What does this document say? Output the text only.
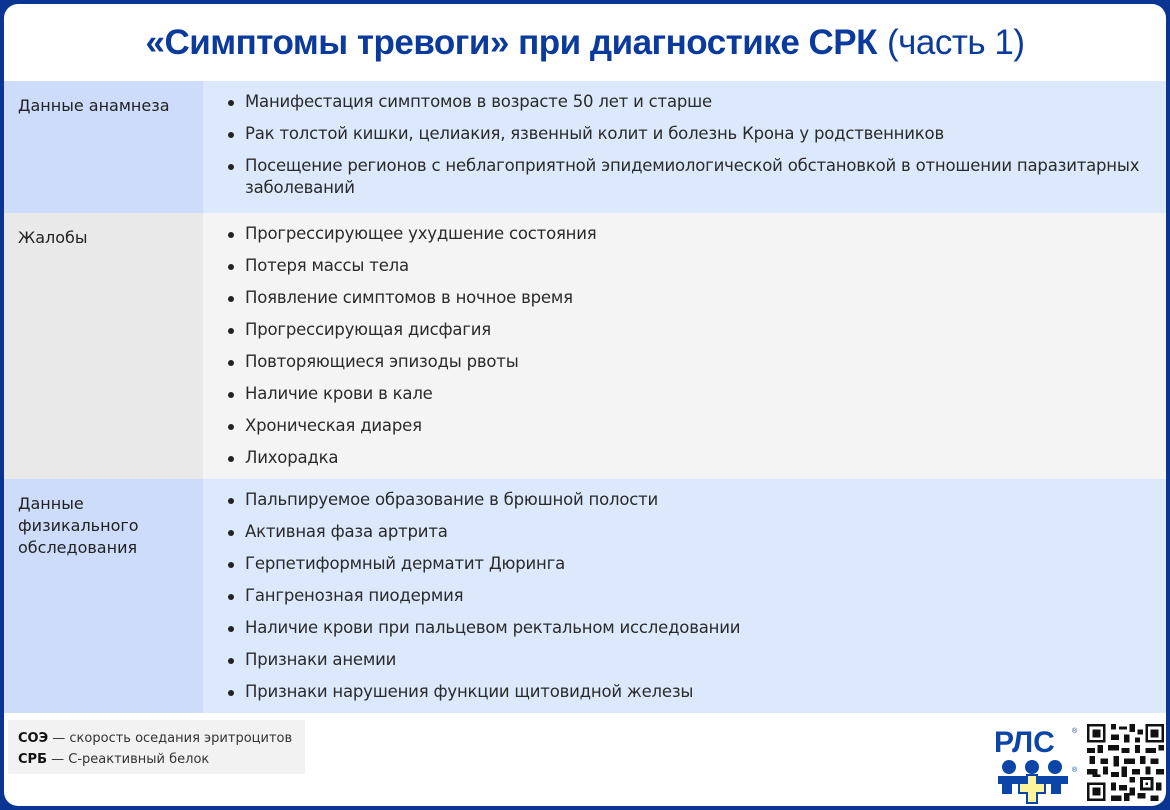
«Симптомы тревоги» при диагностике СРК (часть 1)
Данные анамнеза	Манифестация симптомов в возрасте 50 лет и старше
Рак толстой кишки, целиакия, язвенный колит и болезнь Крона у родственников
Посещение регионов с неблагоприятной эпидемиологической обстановкой в отношении паразитарных заболеваний
Жалобы	Прогрессирующее ухудшение состояния
Потеря массы тела
Появление симптомов в ночное время
Прогрессирующая дисфагия
Повторяющиеся эпизоды рвоты
Наличие крови в кале
Хроническая диарея
Лихорадка
Данные физикального обследования
Пальпируемое образование в брюшной полости
Активная фаза артрита
Герпетиформный дерматит Дюринга
Гангренозная пиодермия
Наличие крови при пальцевом ректальном исследовании
Признаки анемии
Признаки нарушения функции щитовидной железы
СОЭ — скорость оседания эритроцитов
СРБ — С-реактивный белок
РЛС ®
®
